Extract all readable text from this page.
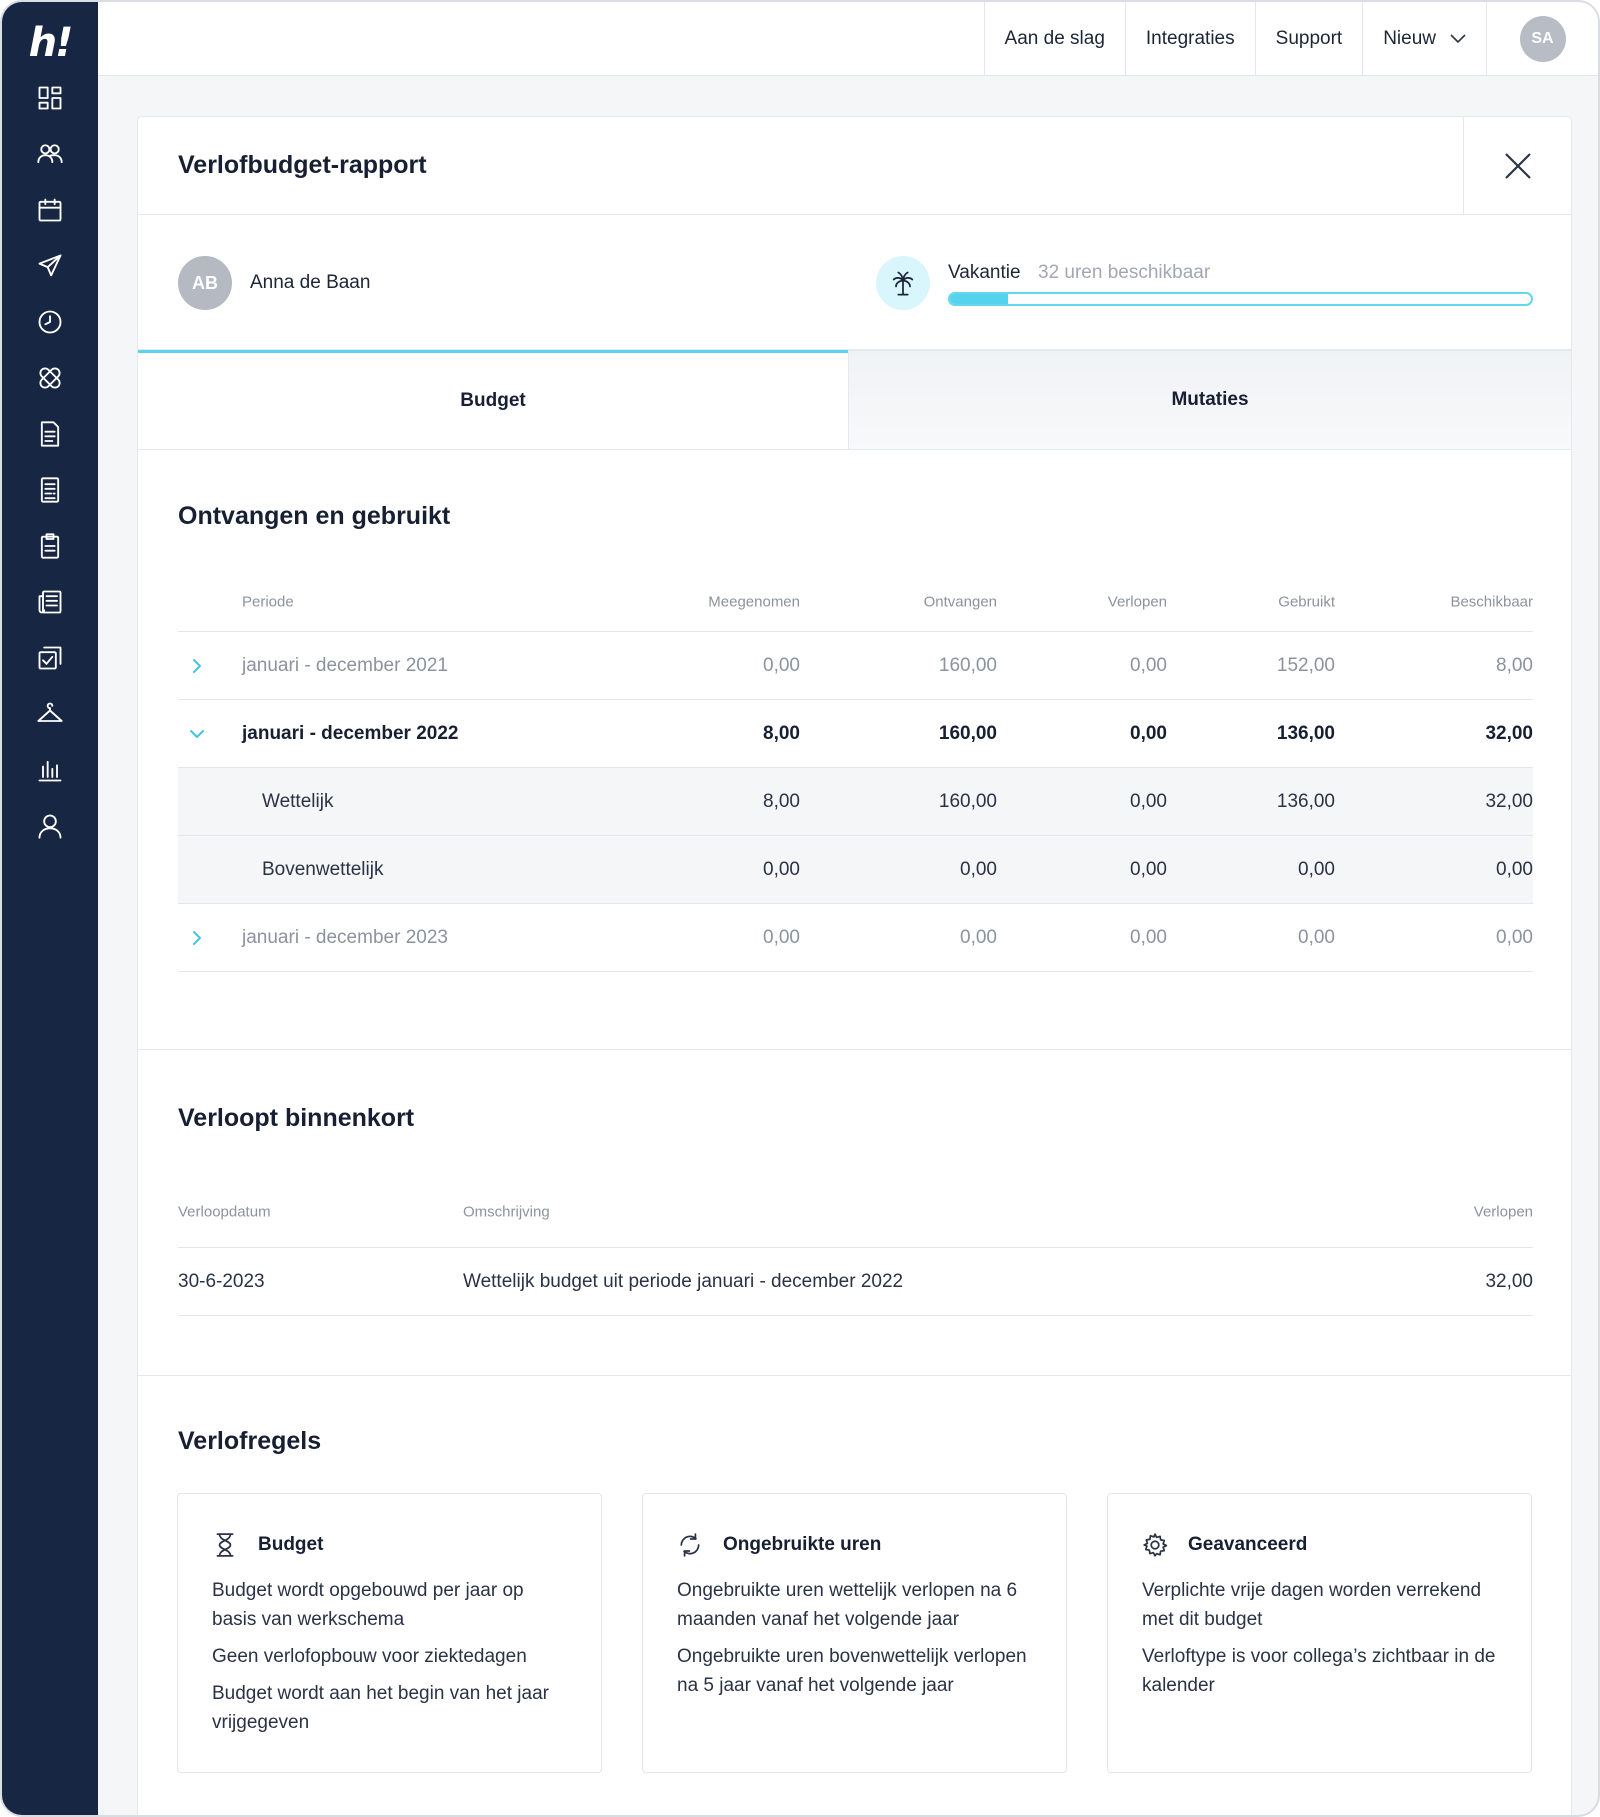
h!	Aan de slag Integraties Support Nieuw	SA
Verlofbudget-rapport
AB	Anna de Baan	Vakantie 32 uren beschikbaar
Budget	Mutaties
Ontvangen en gebruikt
Periode	Meegenomen	Ontvangen	Verlopen	Gebruikt	Beschikbaar
januari - december 2021	0,00	160,00	0,00	152,00	8,00
januari - december 2022	8,00	160,00	0,00	136,00	32,00
Wettelijk	8,00	160,00	0,00	136,00	32,00
Bovenwettelijk	0,00	0,00	0,00	0,00	0,00
januari - december 2023	0,00	0,00	0,00	0,00	0,00
Verloopt binnenkort
Verloopdatum	Omschrijving	Verlopen
30-6-2023	Wettelijk budget uit periode januari - december 2022	32,00
Verlofregels
Budget

Budget wordt opgebouwd per jaar op basis van werkschema

Geen verlofopbouw voor ziektedagen

Budget wordt aan het begin van het jaar vrijgegeven

Ongebruikte uren

Ongebruikte uren wettelijk verlopen na 6 maanden vanaf het volgende jaar

Ongebruikte uren bovenwettelijk verlopen na 5 jaar vanaf het volgende jaar

Geavanceerd

Verplichte vrije dagen worden verrekend met dit budget

Verloftype is voor collega’s zichtbaar in de kalender
